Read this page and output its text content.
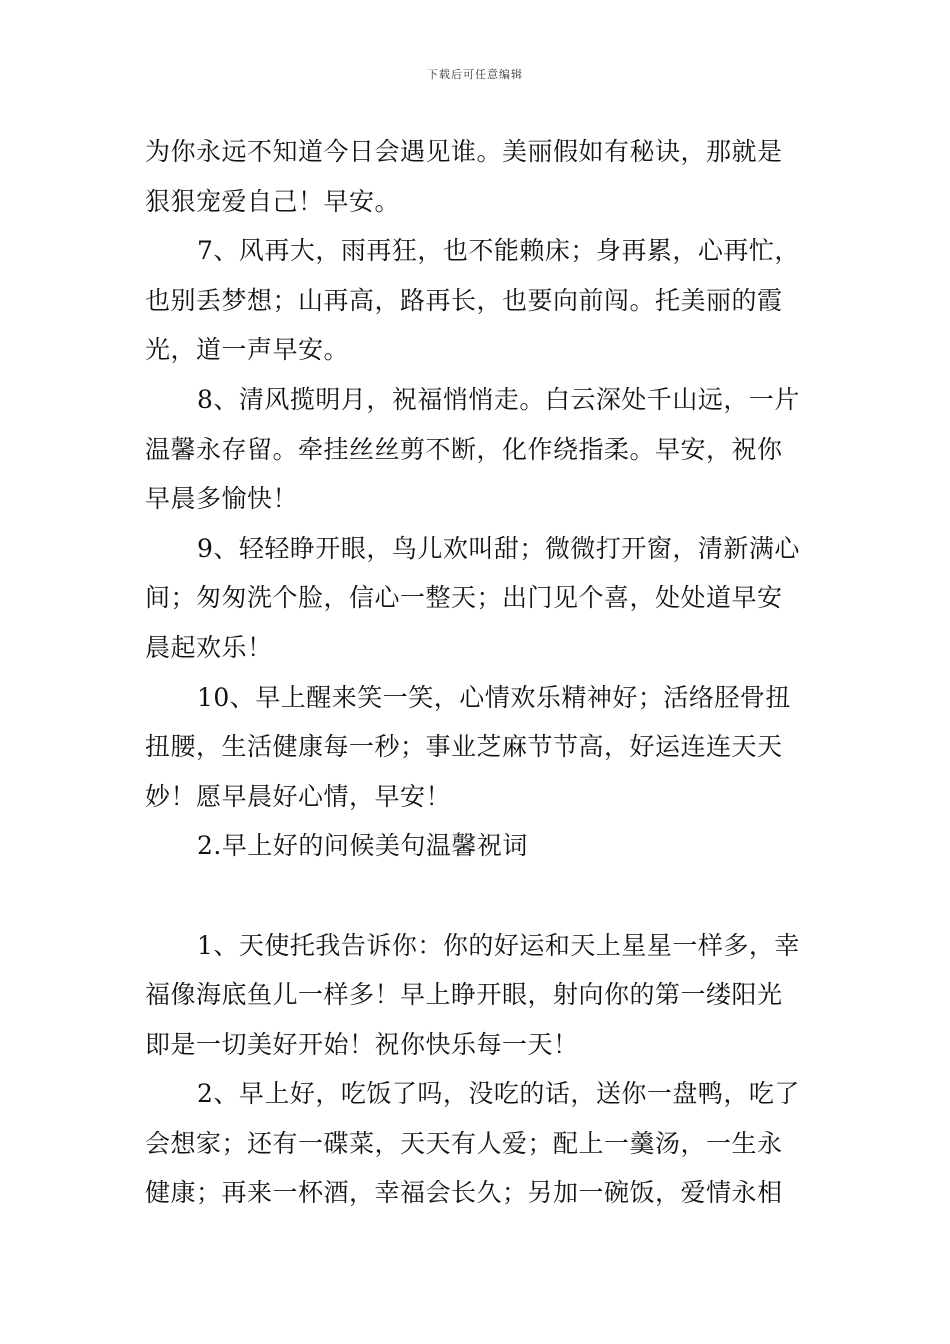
下载后可任意编辑
为你永远不知道今日会遇见谁。美丽假如有秘诀，那就是
狠狠宠爱自己！早安。
7、风再大，雨再狂，也不能赖床；身再累，心再忙，
也别丢梦想；山再高，路再长，也要向前闯。托美丽的霞
光，道一声早安。
8、清风揽明月，祝福悄悄走。白云深处千山远，一片
温馨永存留。牵挂丝丝剪不断，化作绕指柔。早安，祝你
早晨多愉快！
9、轻轻睁开眼，鸟儿欢叫甜；微微打开窗，清新满心
间；匆匆洗个脸，信心一整天；出门见个喜，处处道早安
晨起欢乐！
10、早上醒来笑一笑，心情欢乐精神好；活络胫骨扭
扭腰，生活健康每一秒；事业芝麻节节高，好运连连天天
妙！愿早晨好心情，早安！
2.早上好的问候美句温馨祝词
1、天使托我告诉你：你的好运和天上星星一样多，幸
福像海底鱼儿一样多！早上睁开眼，射向你的第一缕阳光
即是一切美好开始！祝你快乐每一天！
2、早上好，吃饭了吗，没吃的话，送你一盘鸭，吃了
会想家；还有一碟菜，天天有人爱；配上一羹汤，一生永
健康；再来一杯酒，幸福会长久；另加一碗饭，爱情永相
